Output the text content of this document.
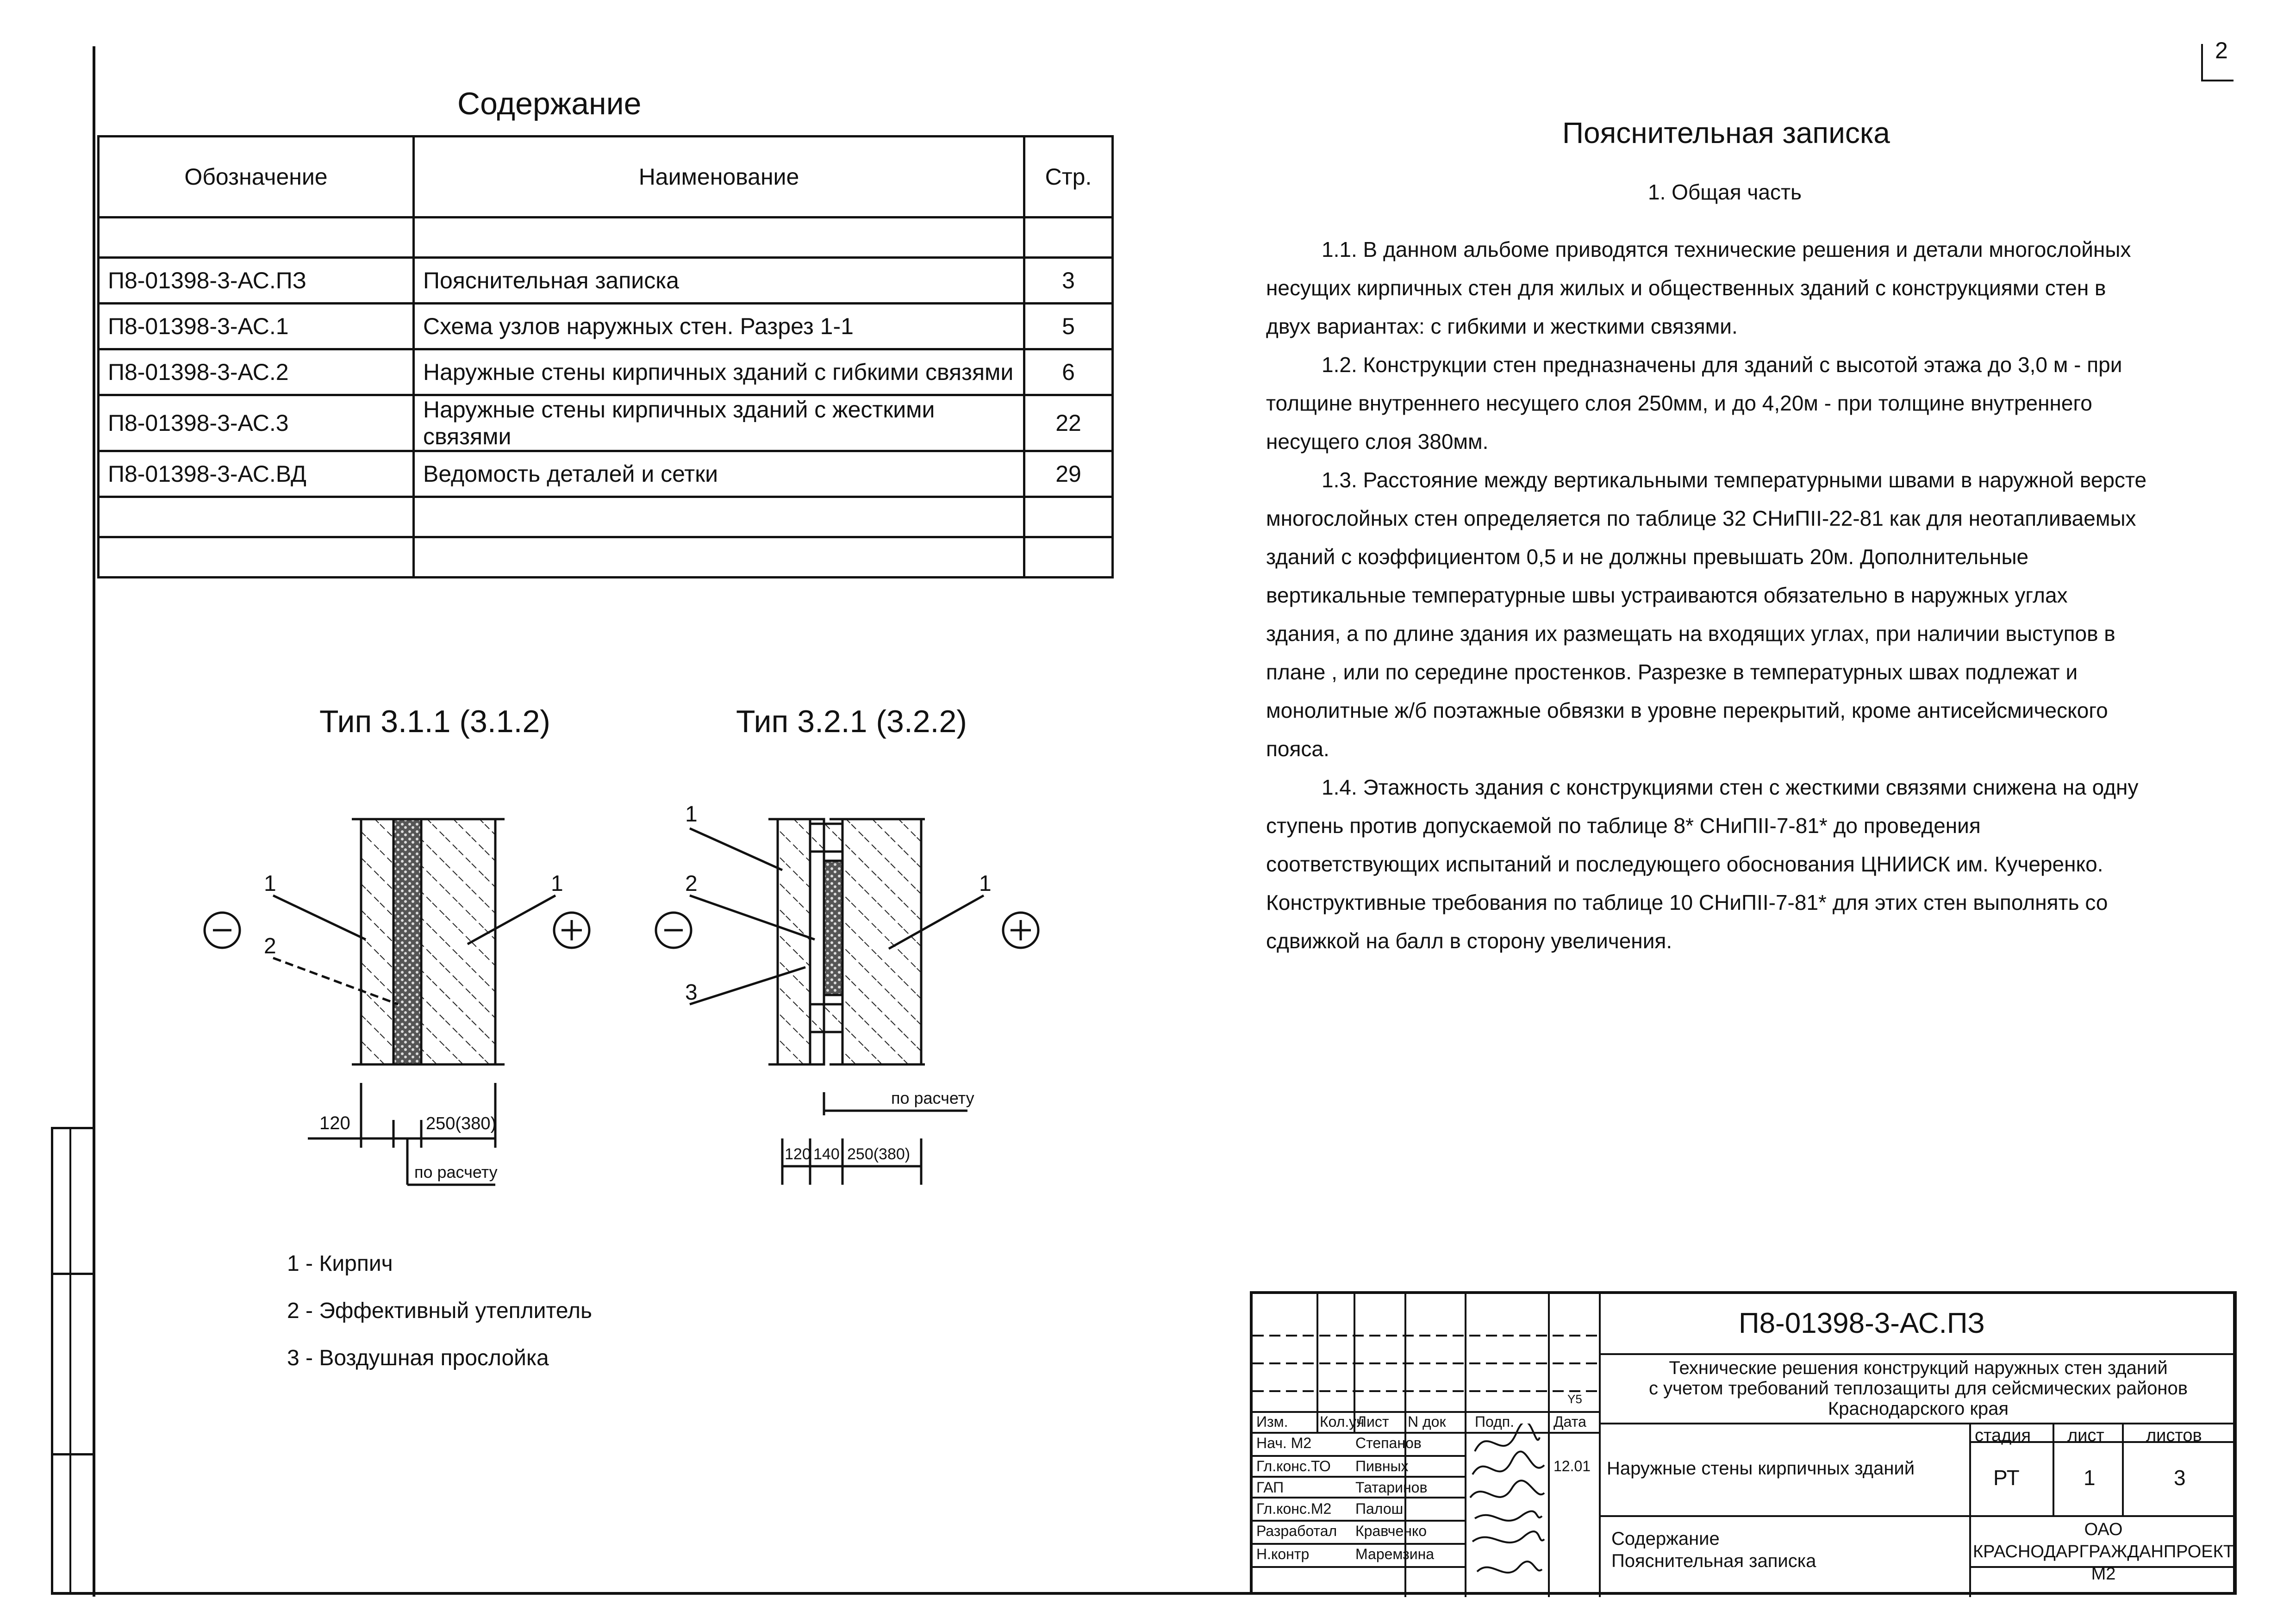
2
Содержание
Обозначение	Наименование	Стр.

П8-01398-3-АС.ПЗ	Пояснительная записка	3
П8-01398-3-АС.1	Схема узлов наружных стен. Разрез 1-1	5
П8-01398-3-АС.2	Наружные стены кирпичных зданий с гибкими связями	6
П8-01398-3-АС.3	Наружные стены кирпичных зданий с жесткими связями	22
П8-01398-3-АС.ВД	Ведомость деталей и сетки	29

Пояснительная записка
1. Общая часть

1.1. В данном альбоме приводятся технические решения и детали многослойных

несущих кирпичных стен для жилых и общественных зданий с конструкциями стен в

двух вариантах: с гибкими и жесткими связями.

1.2. Конструкции стен предназначены для зданий с высотой этажа до 3,0 м - при

толщине внутреннего несущего слоя 250мм, и до 4,20м - при толщине внутреннего

несущего слоя 380мм.

1.3. Расстояние между вертикальными температурными швами в наружной версте

многослойных стен определяется по таблице 32 СНиПII-22-81 как для неотапливаемых

зданий с коэффициентом 0,5 и не должны превышать 20м. Дополнительные

вертикальные температурные швы устраиваются обязательно в наружных углах

здания, а по длине здания их размещать на входящих углах, при наличии выступов в

плане , или по середине простенков. Разрезке в температурных швах подлежат и

монолитные ж/б поэтажные обвязки в уровне перекрытий, кроме антисейсмического

пояса.

1.4. Этажность здания с конструкциями стен с жесткими связями снижена на одну

ступень против допускаемой по таблице 8* СНиПII-7-81* до проведения

соответствующих испытаний и последующего обоснования ЦНИИСК им. Кучеренко.

Конструктивные требования по таблице 10 СНиПII-7-81* для этих стен выполнять со

сдвижкой на балл в сторону увеличения.

Тип 3.1.1 (3.1.2)	Тип 3.2.1 (3.2.2)
1
2
1
120	250(380)
по расчету
1
2
3
1
по расчету
120 140 250(380)
1 - Кирпич
2 - Эффективный утеплитель
3 - Воздушная прослойка
Изм. Кол.уч
Лист N док Подп.	Дата
Y5
Нач. М2	Степанов
Гл.конс.ТО Пивных
ГАП	Татаринов
Гл.конс.М2 Палош
Разработал Кравченко
Н.контр	Маремзина
12.01
П8-01398-3-АС.ПЗ
Технические решения конструкций наружных стен зданий
с учетом требований теплозащиты для сейсмических районов
Краснодарского края
Наружные стены кирпичных зданий
Содержание
Пояснительная записка
стадия лист листов
РТ	1	3
ОАО
КРАСНОДАРГРАЖДАНПРОЕКТ
М2
